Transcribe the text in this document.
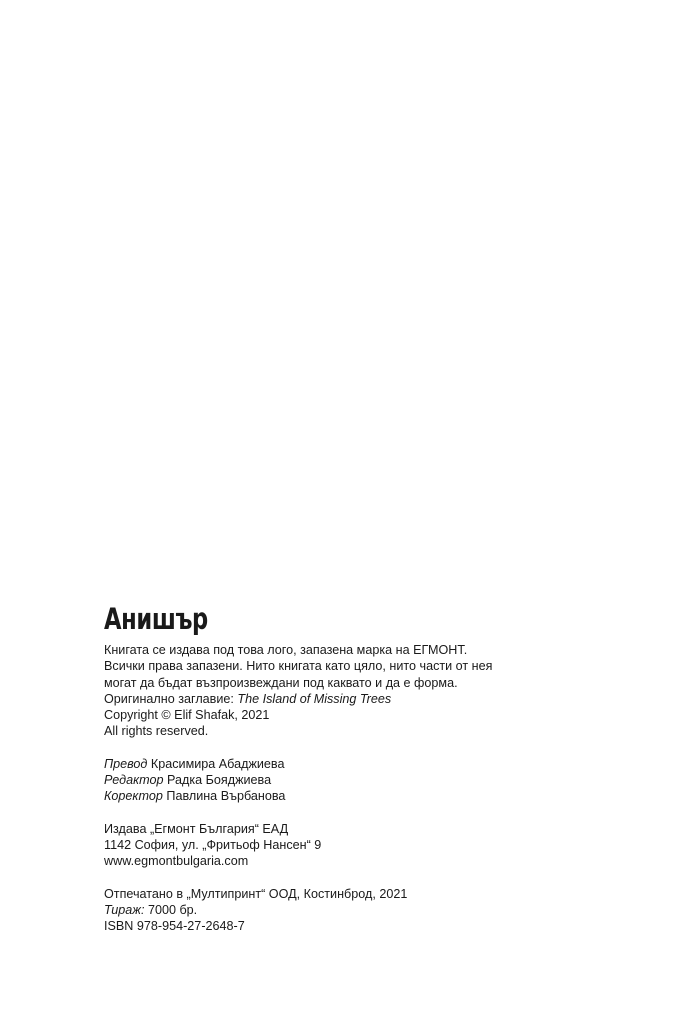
Анишър

Книгата се издава под това лого, запазена марка на ЕГМОНТ.

Всички права запазени. Нито книгата като цяло, нито части от нея

могат да бъдат възпроизвеждани под каквато и да е форма.

Оригинално заглавие: The Island of Missing Trees

Copyright © Elif Shafak, 2021

All rights reserved.

Превод Красимира Абаджиева

Редактор Радка Бояджиева

Коректор Павлина Върбанова

Издава „Егмонт България“ ЕАД

1142 София, ул. „Фритьоф Нансен“ 9

www.egmontbulgaria.com

Отпечатано в „Мултипринт“ ООД, Костинброд, 2021

Тираж: 7000 бр.

ISBN 978-954-27-2648-7
